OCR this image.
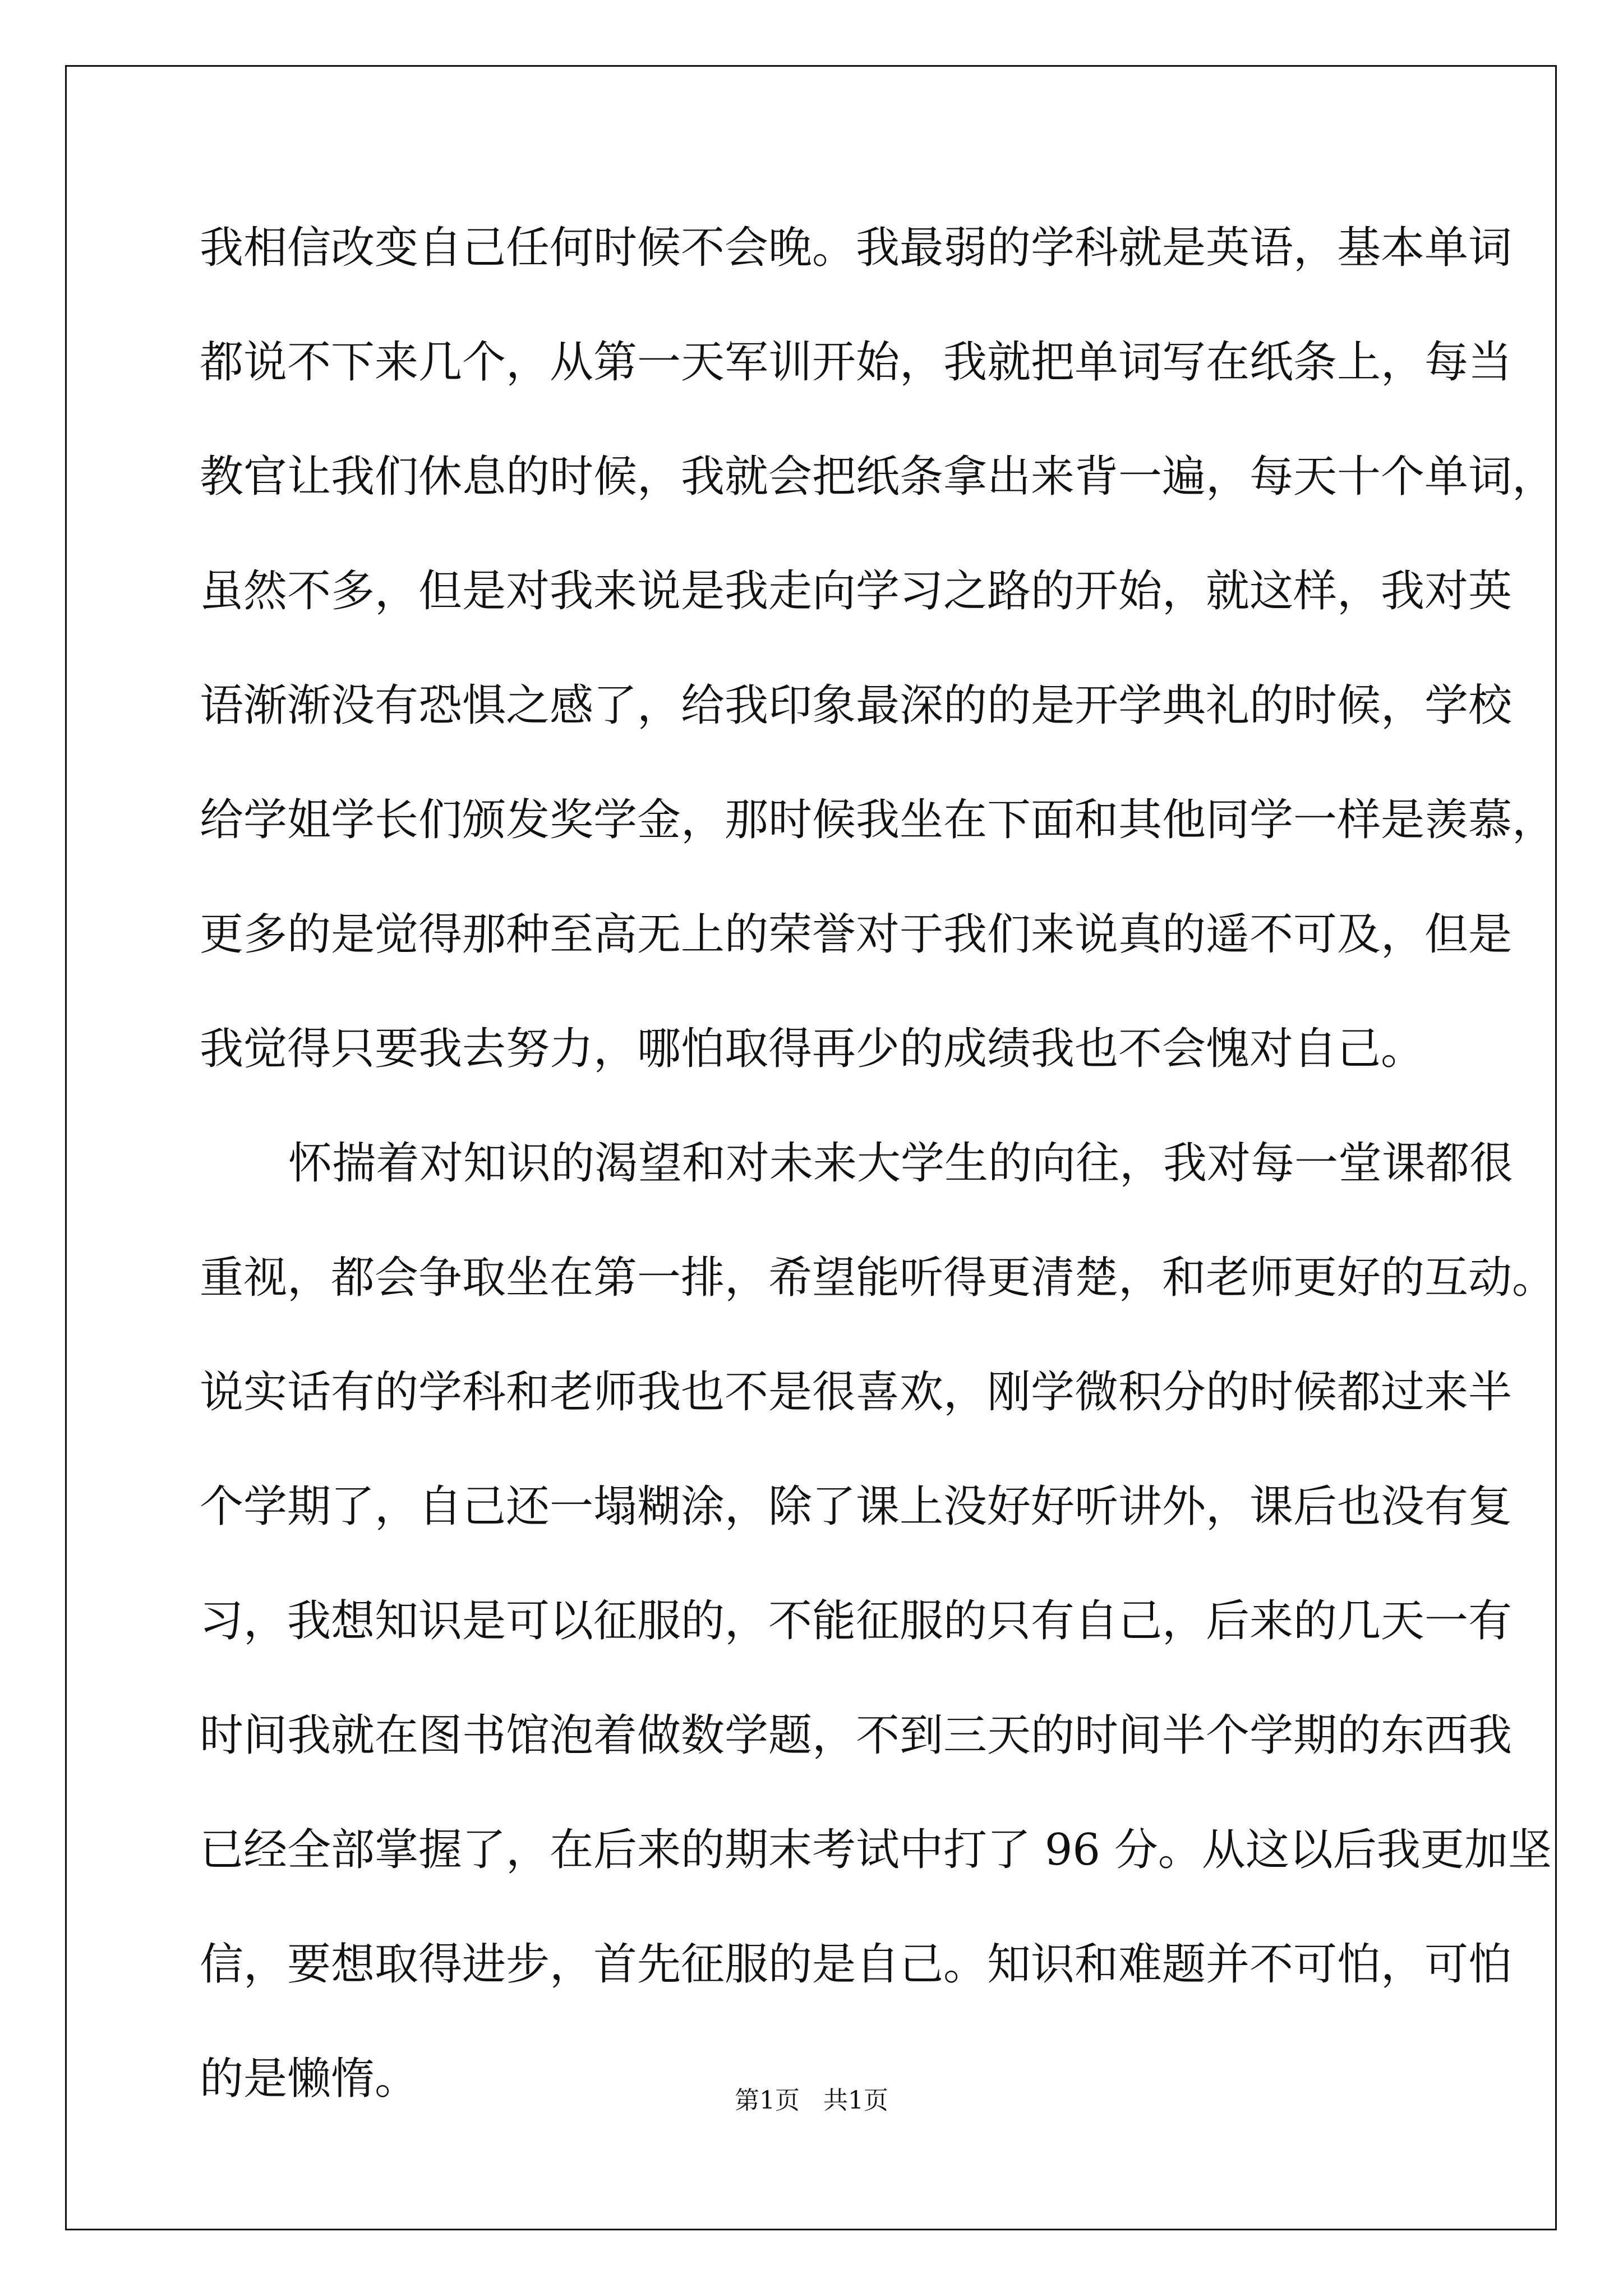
我相信改变自己任何时候不会晚。我最弱的学科就是英语，基本单词

都说不下来几个，从第一天军训开始，我就把单词写在纸条上，每当

教官让我们休息的时候，我就会把纸条拿出来背一遍，每天十个单词，

虽然不多，但是对我来说是我走向学习之路的开始，就这样，我对英

语渐渐没有恐惧之感了，给我印象最深的的是开学典礼的时候，学校

给学姐学长们颁发奖学金，那时候我坐在下面和其他同学一样是羡慕，

更多的是觉得那种至高无上的荣誉对于我们来说真的遥不可及，但是

我觉得只要我去努力，哪怕取得再少的成绩我也不会愧对自己。

怀揣着对知识的渴望和对未来大学生的向往，我对每一堂课都很

重视，都会争取坐在第一排，希望能听得更清楚，和老师更好的互动。

说实话有的学科和老师我也不是很喜欢，刚学微积分的时候都过来半

个学期了，自己还一塌糊涂，除了课上没好好听讲外，课后也没有复

习，我想知识是可以征服的，不能征服的只有自己，后来的几天一有

时间我就在图书馆泡着做数学题，不到三天的时间半个学期的东西我

已经全部掌握了，在后来的期末考试中打了 96 分。从这以后我更加坚

信，要想取得进步，首先征服的是自己。知识和难题并不可怕，可怕

的是懒惰。	第1页   共1页
